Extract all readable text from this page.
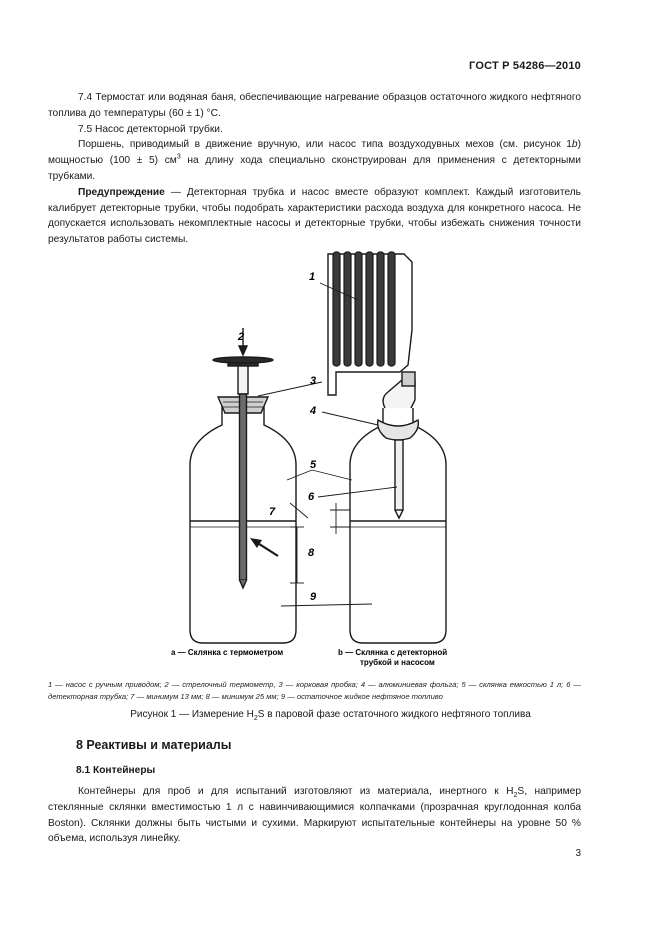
ГОСТ Р 54286—2010

7.4 Термостат или водяная баня, обеспечивающие нагревание образцов остаточного жидкого нефтяного топлива до температуры (60 ± 1) °С.

7.5 Насос детекторной трубки.

Поршень, приводимый в движение вручную, или насос типа воздуходувных мехов (см. рисунок 1b) мощностью (100 ± 5) $см^3$ на длину хода специально сконструирован для применения с детекторными трубками.

Предупреждение — Детекторная трубка и насос вместе образуют комплект. Каждый изготовитель калибрует детекторные трубки, чтобы подобрать характеристики расхода воздуха для конкретного насоса. Не допускается использовать некомплектные насосы и детекторные трубки, чтобы избежать снижения точности результатов работы системы.

1
2
3
4
5
6
7
8
9
а — Склянка с термометром	b — Склянка с детекторной
трубкой и насосом
1 — насос с ручным приводом; 2 — стрелочный термометр, 3 — корковая пробка; 4 — алюминиевая фольга; 5 — склянка емкостью 1 л; 6 — детекторная трубка; 7 — минимум 13 мм; 8 — минимум 25 мм; 9 — остаточное жидкое нефтяное топливо
Рисунок 1 — Измерение $H_2S$ в паровой фазе остаточного жидкого нефтяного топлива
8 Реактивы и материалы
8.1 Контейнеры

Контейнеры для проб и для испытаний изготовляют из материала, инертного к $H_2S$, например стеклянные склянки вместимостью 1 л с навинчивающимися колпачками (прозрачная круглодонная колба Boston). Склянки должны быть чистыми и сухими. Маркируют испытательные контейнеры на уровне 50 % объема, используя линейку.

3
